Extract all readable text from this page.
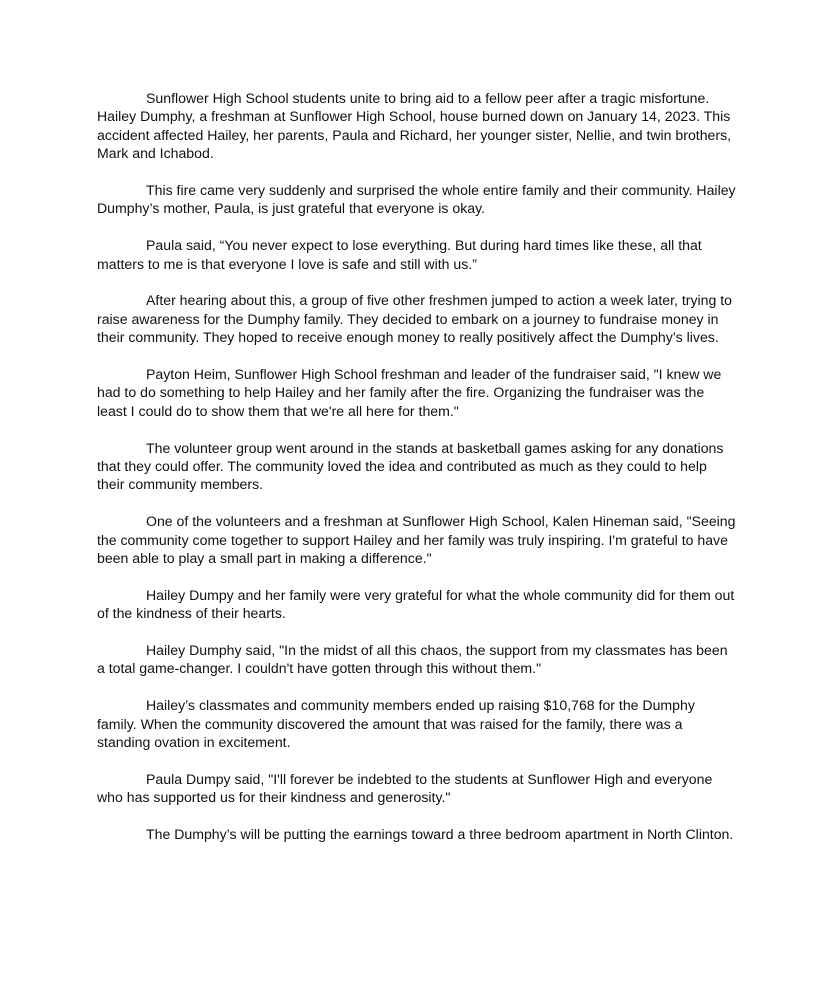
Sunflower High School students unite to bring aid to a fellow peer after a tragic misfortune. Hailey Dumphy, a freshman at Sunflower High School, house burned down on January 14, 2023. This accident affected Hailey, her parents, Paula and Richard, her younger sister, Nellie, and twin brothers, Mark and Ichabod.

This fire came very suddenly and surprised the whole entire family and their community. Hailey Dumphy’s mother, Paula, is just grateful that everyone is okay.

Paula said, “You never expect to lose everything. But during hard times like these, all that matters to me is that everyone I love is safe and still with us.”

After hearing about this, a group of five other freshmen jumped to action a week later, trying to raise awareness for the Dumphy family. They decided to embark on a journey to fundraise money in their community. They hoped to receive enough money to really positively affect the Dumphy’s lives.

Payton Heim, Sunflower High School freshman and leader of the fundraiser said, "I knew we had to do something to help Hailey and her family after the fire. Organizing the fundraiser was the least I could do to show them that we're all here for them."

The volunteer group went around in the stands at basketball games asking for any donations that they could offer. The community loved the idea and contributed as much as they could to help their community members.

One of the volunteers and a freshman at Sunflower High School, Kalen Hineman said, "Seeing the community come together to support Hailey and her family was truly inspiring. I'm grateful to have been able to play a small part in making a difference."

Hailey Dumpy and her family were very grateful for what the whole community did for them out of the kindness of their hearts.

Hailey Dumphy said, "In the midst of all this chaos, the support from my classmates has been a total game-changer. I couldn't have gotten through this without them."

Hailey’s classmates and community members ended up raising $10,768 for the Dumphy family. When the community discovered the amount that was raised for the family, there was a standing ovation in excitement.

Paula Dumpy said, "I'll forever be indebted to the students at Sunflower High and everyone who has supported us for their kindness and generosity."

The Dumphy’s will be putting the earnings toward a three bedroom apartment in North Clinton.
